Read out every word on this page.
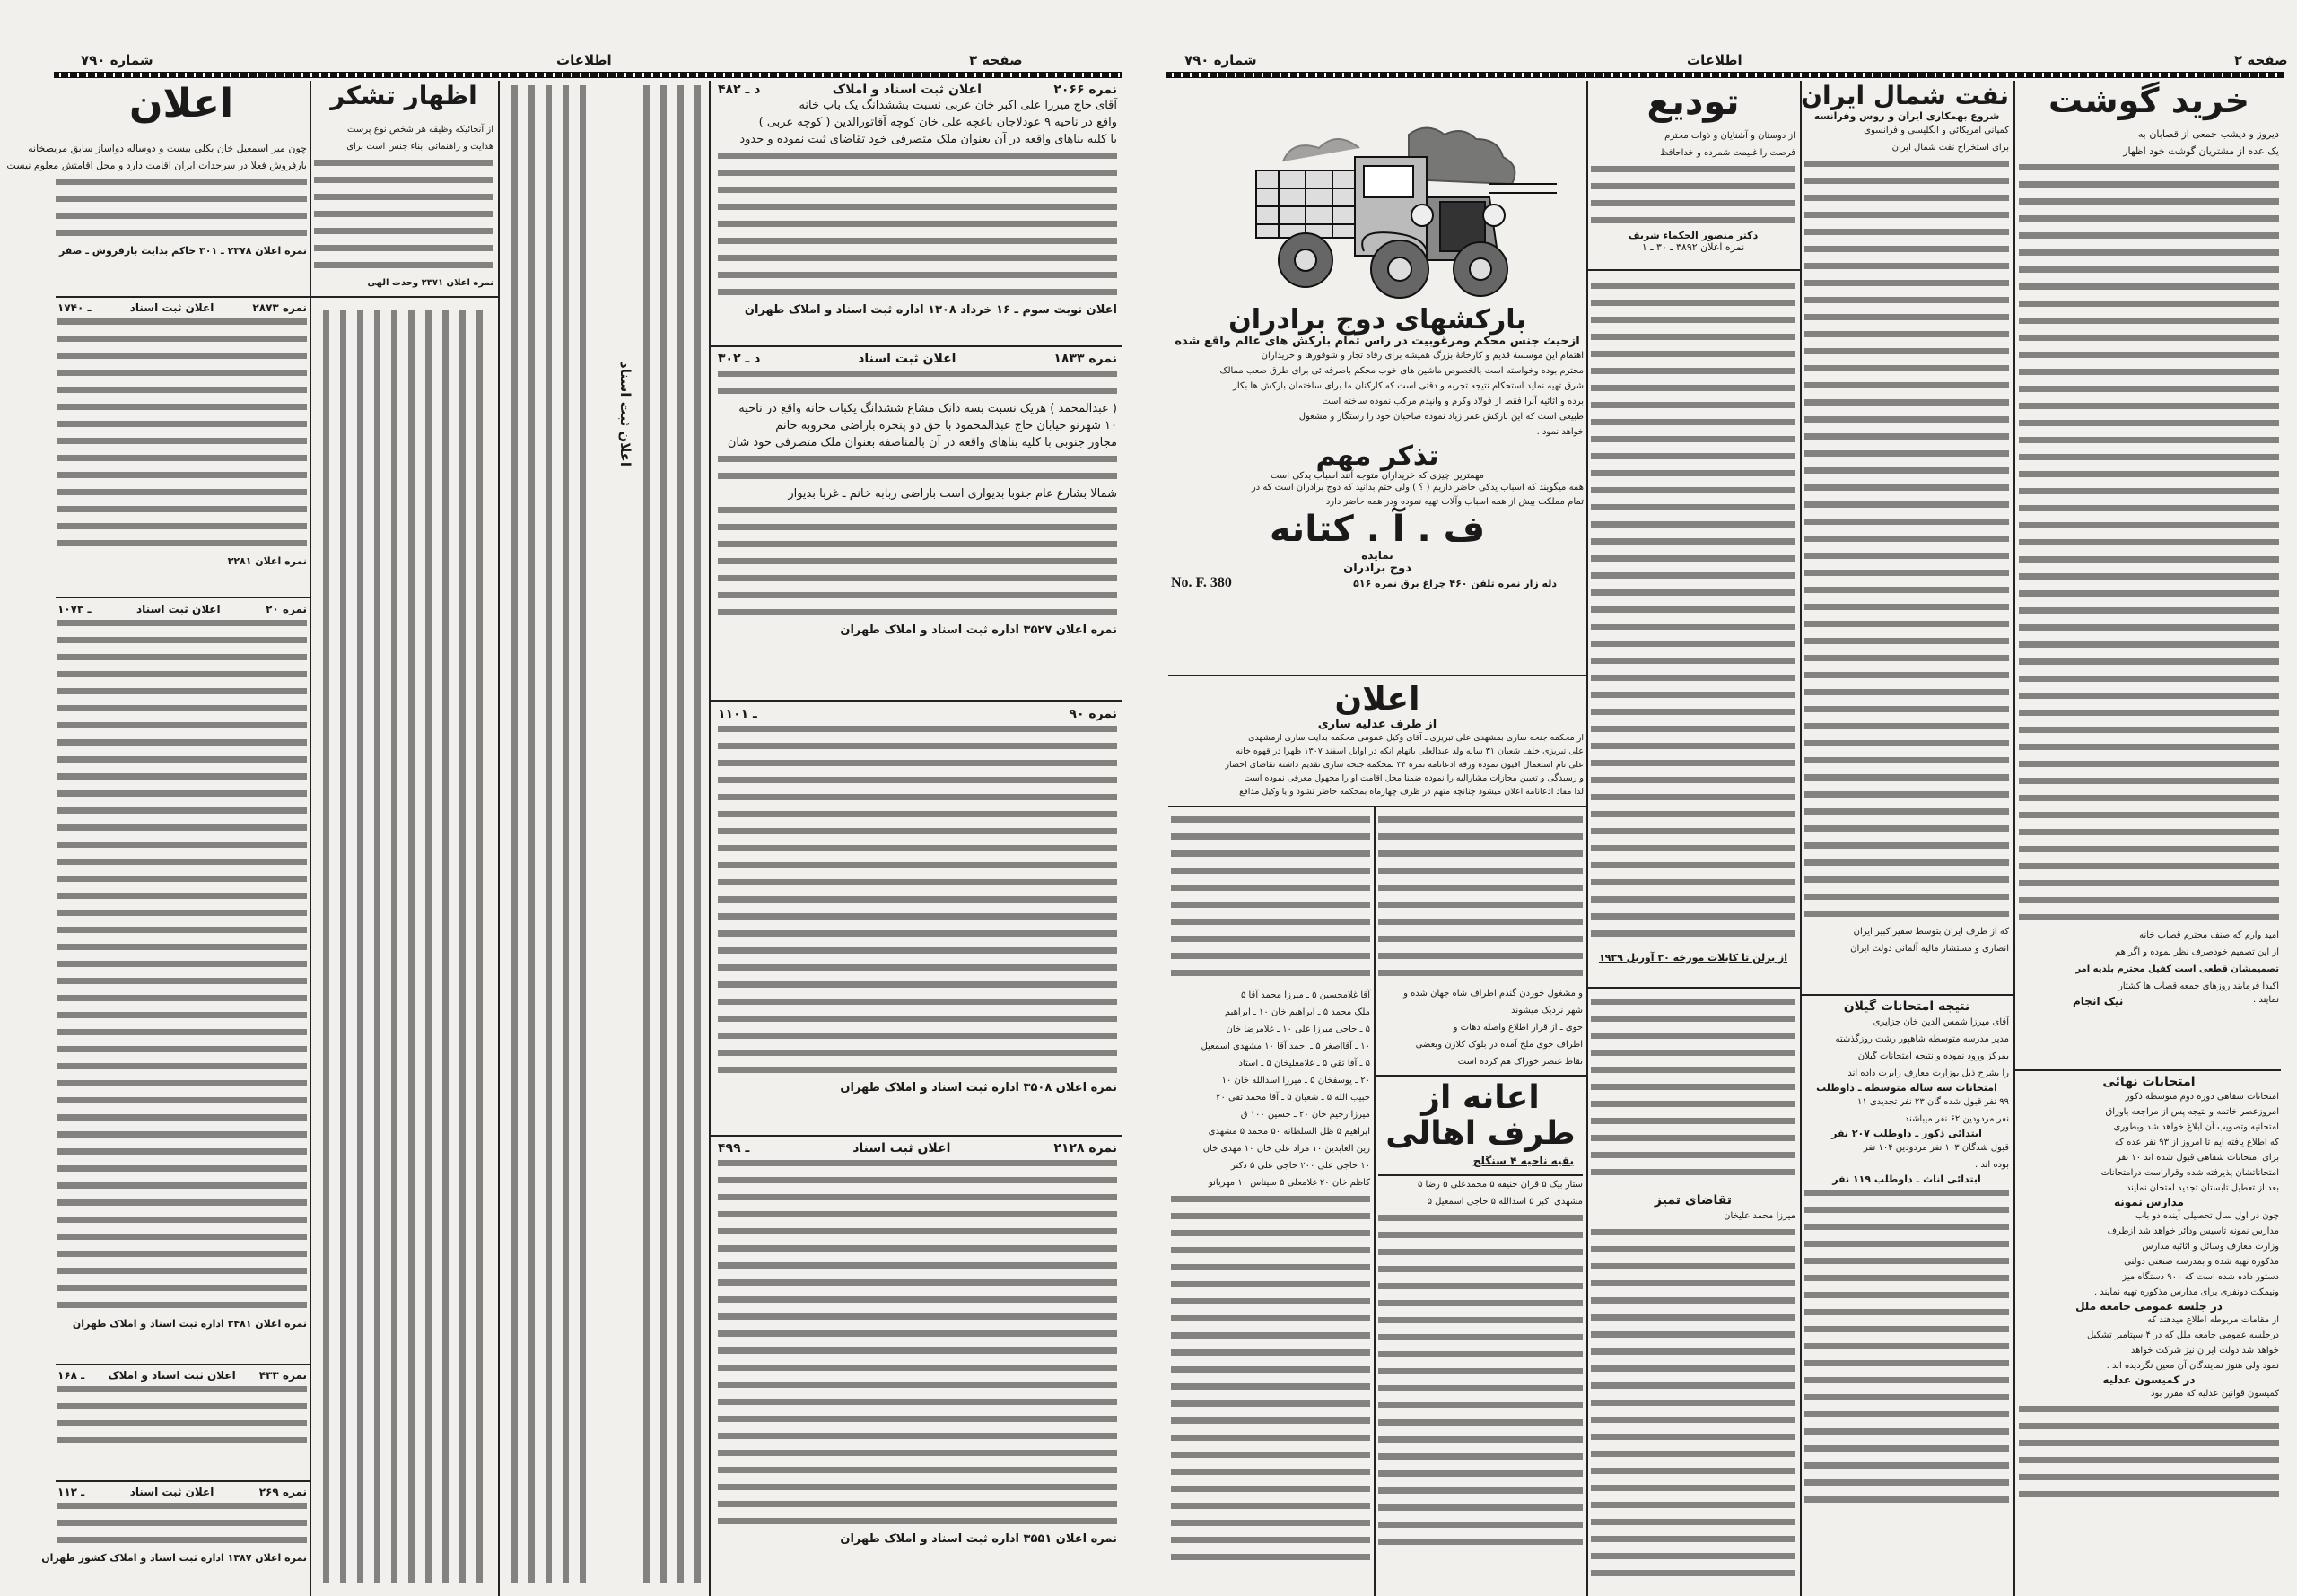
صفحه ۳
اطلاعات
شماره ۷۹۰
اعلان
چون میر اسمعیل خان بکلی بیست و دوساله دواساز سابق مریضخانه
بارفروش فعلا در سرحدات ایران اقامت دارد و محل اقامتش معلوم نیست
نمره اعلان ۲۳۷۸ ـ ۳۰۱ حاکم بدایت بارفروش ـ صفر
نمره ۲۸۷۳
اعلان ثبت اسناد
ـ ۱۷۴۰
نمره اعلان ۳۲۸۱
نمره ۲۰
اعلان ثبت اسناد
ـ ۱۰۷۳
نمره اعلان ۳۴۸۱ اداره ثبت اسناد و املاک طهران
نمره ۴۳۳
اعلان ثبت اسناد و املاک
ـ ۱۶۸
نمره ۲۶۹
اعلان ثبت اسناد
ـ ۱۱۲
نمره اعلان ۱۳۸۷ اداره ثبت اسناد و املاک کشور طهران
اظهار تشکر
از آنجائیکه وظیفه هر شخص نوع پرست
هدایت و راهنمائی ابناء جنس است برای
نمره اعلان ۲۳۷۱ وحدت الهی
اعلان ثبت اسناد
نمره ۲۰۶۶
اعلان ثبت اسناد و املاک
د ـ ۴۸۲
آقای حاج میرزا علی اکبر خان عربی نسبت بششدانگ یک باب خانه
واقع در ناحیه ۹ عودلاجان باغچه علی خان کوچه آقاتورالدین ( کوچه عربی )
با کلیه بناهای واقعه در آن بعنوان ملک متصرفی خود تقاضای ثبت نموده و حدود
اعلان نوبت سوم ـ ۱۶ خرداد ۱۳۰۸ اداره ثبت اسناد و املاک طهران
نمره ۱۸۳۳
اعلان ثبت اسناد
د ـ ۳۰۲
( عبدالمحمد ) هریک نسبت بسه دانک مشاع ششدانگ یکباب خانه واقع در ناحیه
۱۰ شهرنو خیابان حاج عبدالمحمود با حق دو پنجره باراضی مخروبه خانم
مجاور جنوبی با کلیه بناهای واقعه در آن بالمناصفه بعنوان ملک متصرفی خود شان
شمالا بشارع عام جنوبا بدیواری است باراضی ربابه خانم ـ غربا بدیوار
نمره اعلان ۳۵۲۷ اداره ثبت اسناد و املاک طهران
نمره ۹۰
ـ ۱۱۰۱
نمره اعلان ۳۵۰۸ اداره ثبت اسناد و املاک طهران
نمره ۲۱۲۸
اعلان ثبت اسناد
ـ ۴۹۹
نمره اعلان ۳۵۵۱ اداره ثبت اسناد و املاک طهران
صفحه ۲
اطلاعات
شماره ۷۹۰
بارکشهای دوج برادران
ازحیث جنس محکم ومرغوبیت در راس تمام بارکش های عالم واقع شده
اهتمام این موسسهٔ قدیم و کارخانهٔ بزرگ همیشه برای رفاه تجار و شوفورها و خریداران
محترم بوده وخواسته است بالخصوص ماشین های خوب محکم باصرفه ئی برای طرق صعب ممالک
شرق تهیه نماید استحکام نتیجه تجربه و دقتی است که کارکنان ما برای ساختمان بارکش ها بکار
برده و اثاثیه آنرا فقط از فولاد وکرم و وانیدم مرکب نموده ساخته است
طبیعی است که این بارکش عمر زیاد نموده صاحبان خود را رستگار و مشغول
خواهد نمود .
تذکر مهم
مهمترین چیزی که خریداران متوجه آنند اسباب یدکی است
همه میگویند که اسباب یدکی حاضر داریم ( ؟ ) ولی حتم بدانید که دوج برادران است که در
تمام مملکت بیش از همه اسباب وآلات تهیه نموده ودر همه حاضر دارد
ف . آ . کتانه
نمایده
دوج برادران
دله زار نمره تلفن ۴۶۰ چراغ برق نمره ۵۱۶
No. F. 380
اعلان
از طرف عدلیه ساری
از محکمه جنحه ساری بمشهدی علی تبریزی ـ آقای وکیل عمومی محکمه بدایت ساری ازمشهدی
علی تبریزی خلف شعبان ۳۱ ساله ولد عبدالعلی باتهام آنکه در اوایل اسفند ۱۳۰۷ ظهرا در قهوه خانه
علی نام استعمال افیون نموده ورقه ادعانامه نمره ۳۴ بمحکمه جنحه ساری تقدیم داشته تقاضای احضار
و رسیدگی و تعیین مجازات مشارالیه را نموده ضمنا محل اقامت او را مجهول معرفی نموده است
لذا مفاد ادعانامه اعلان میشود چنانچه متهم در ظرف چهارماه بمحکمه حاضر نشود و یا وکیل مدافع
آقا غلامحسین ۵ ـ میرزا محمد آقا ۵
ملک محمد ۵ ـ ابراهیم خان ۱۰ ـ ابراهیم
۵ ـ حاجی میرزا علی ۱۰ ـ غلامرضا خان
۱۰ ـ آقااصغر ۵ ـ احمد آقا ۱۰ مشهدی اسمعیل
۵ ـ آقا تقی ۵ ـ غلامعلیخان ۵ ـ استاد
۲۰ ـ یوسفخان ۵ ـ میرزا اسدالله خان ۱۰
حبیب الله ۵ ـ شعبان ۵ ـ آقا محمد تقی ۲۰
میرزا رحیم خان ۲۰ ـ حسین ۱۰۰ ق
ابراهیم ۵ ظل السلطانه ۵۰ محمد ۵ مشهدی
زین العابدین ۱۰ مراد علی خان ۱۰ مهدی خان
۱۰ حاجی علی ۲۰۰ حاجی علی ۵ دکتر
کاظم خان ۲۰ غلامعلی ۵ سیناس ۱۰ مهربانو
و مشغول خوردن گندم اطراف شاه جهان شده و
شهر نزدیک میشوند
خوی ـ از قرار اطلاع واصله دهات و
اطراف خوی ملخ آمده در بلوک کلازن وبعضی
نقاط غنصر خوراک هم کرده است
اعانه از طرف اهالی
بقیه ناحیه ۴ سنگلج
ستار بیک ۵ قران حنیفه ۵ محمدعلی ۵ رضا ۵
مشهدی اکبر ۵ اسدالله ۵ حاجی اسمعیل ۵
تودیع
از دوستان و آشنایان و ذوات محترم
فرصت را غنیمت شمرده و خداحافظ
دکتر منصور الحکماء شریف
نمره اعلان ۳۸۹۲ ـ ۳۰ ـ ۱
از برلن تا کابلات مورخه ۳۰ آوریل ۱۹۳۹
تقاضای تمیز
میرزا محمد علیخان
نفت شمال ایران
شروع بهمکاری ایران و روس وفرانسه
کمپانی امریکائی و انگلیسی و فرانسوی
برای استخراج نفت شمال ایران
که از طرف ایران بتوسط سفیر کبیر ایران
انصاری و مستشار مالیه آلمانی دولت ایران
نتیجه امتحانات گیلان
آقای میرزا شمس الدین خان جزایری
مدیر مدرسه متوسطه شاهپور رشت روزگذشته
بمرکز ورود نموده و نتیجه امتحانات گیلان
را بشرح ذیل بوزارت معارف رایرت داده اند
امتحانات سه ساله متوسطه ـ داوطلب
۹۹ نفر قبول شده گان ۲۳ نفر تجدیدی ۱۱
نفر مردودین ۶۲ نفر میباشند
ابتدائی ذکور ـ داوطلب ۲۰۷ نفر
قبول شدگان ۱۰۳ نفر مردودین ۱۰۴ نفر
بوده اند .
ابتدائی اناث ـ داوطلب ۱۱۹ نفر
خرید گوشت
دیروز و دیشب جمعی از قصابان به
یک عده از مشتریان گوشت خود اظهار
امید وارم که صنف محترم قصاب خانه
از این تصمیم خودصرف نظر نموده و اگر هم
تصمیمشان قطعی است کفیل محترم بلدیه امر
اکیدا فرمایند روزهای جمعه قصاب ها کشتار
نمایند .
نیک انجام
امتحانات نهائی
امتحانات شفاهی دوره دوم متوسطه ذکور
امروزعصر خاتمه و نتیجه پس از مراجعه باوراق
امتحانیه وتصویب آن ابلاغ خواهد شد وبطوری
که اطلاع یافته ایم تا امروز از ۹۳ نفر عده که
برای امتحانات شفاهی قبول شده اند ۱۰ نفر
امتحاناتشان پذیرفته شده وقراراست درامتحانات
بعد از تعطیل تابستان تجدید امتحان نمایند
مدارس نمونه
چون در اول سال تحصیلی آینده دو باب
مدارس نمونه تاسیس ودائر خواهد شد ازطرف
وزارت معارف وسائل و اثاثیه مدارس
مذکوره تهیه شده و بمدرسه صنعتی دولتی
دستور داده شده است که ۹۰۰ دستگاه میز
ونیمکت دونفری برای مدارس مذکوره تهیه نمایند .
در جلسه عمومی جامعه ملل
از مقامات مربوطه اطلاع میدهند که
درجلسه عمومی جامعه ملل که در ۴ سپتامبر تشکیل
خواهد شد دولت ایران نیز شرکت خواهد
نمود ولی هنوز نمایندگان آن معین نگردیده اند .
در کمیسون عدلیه
کمیسون قوانین عدلیه که مقرر بود
